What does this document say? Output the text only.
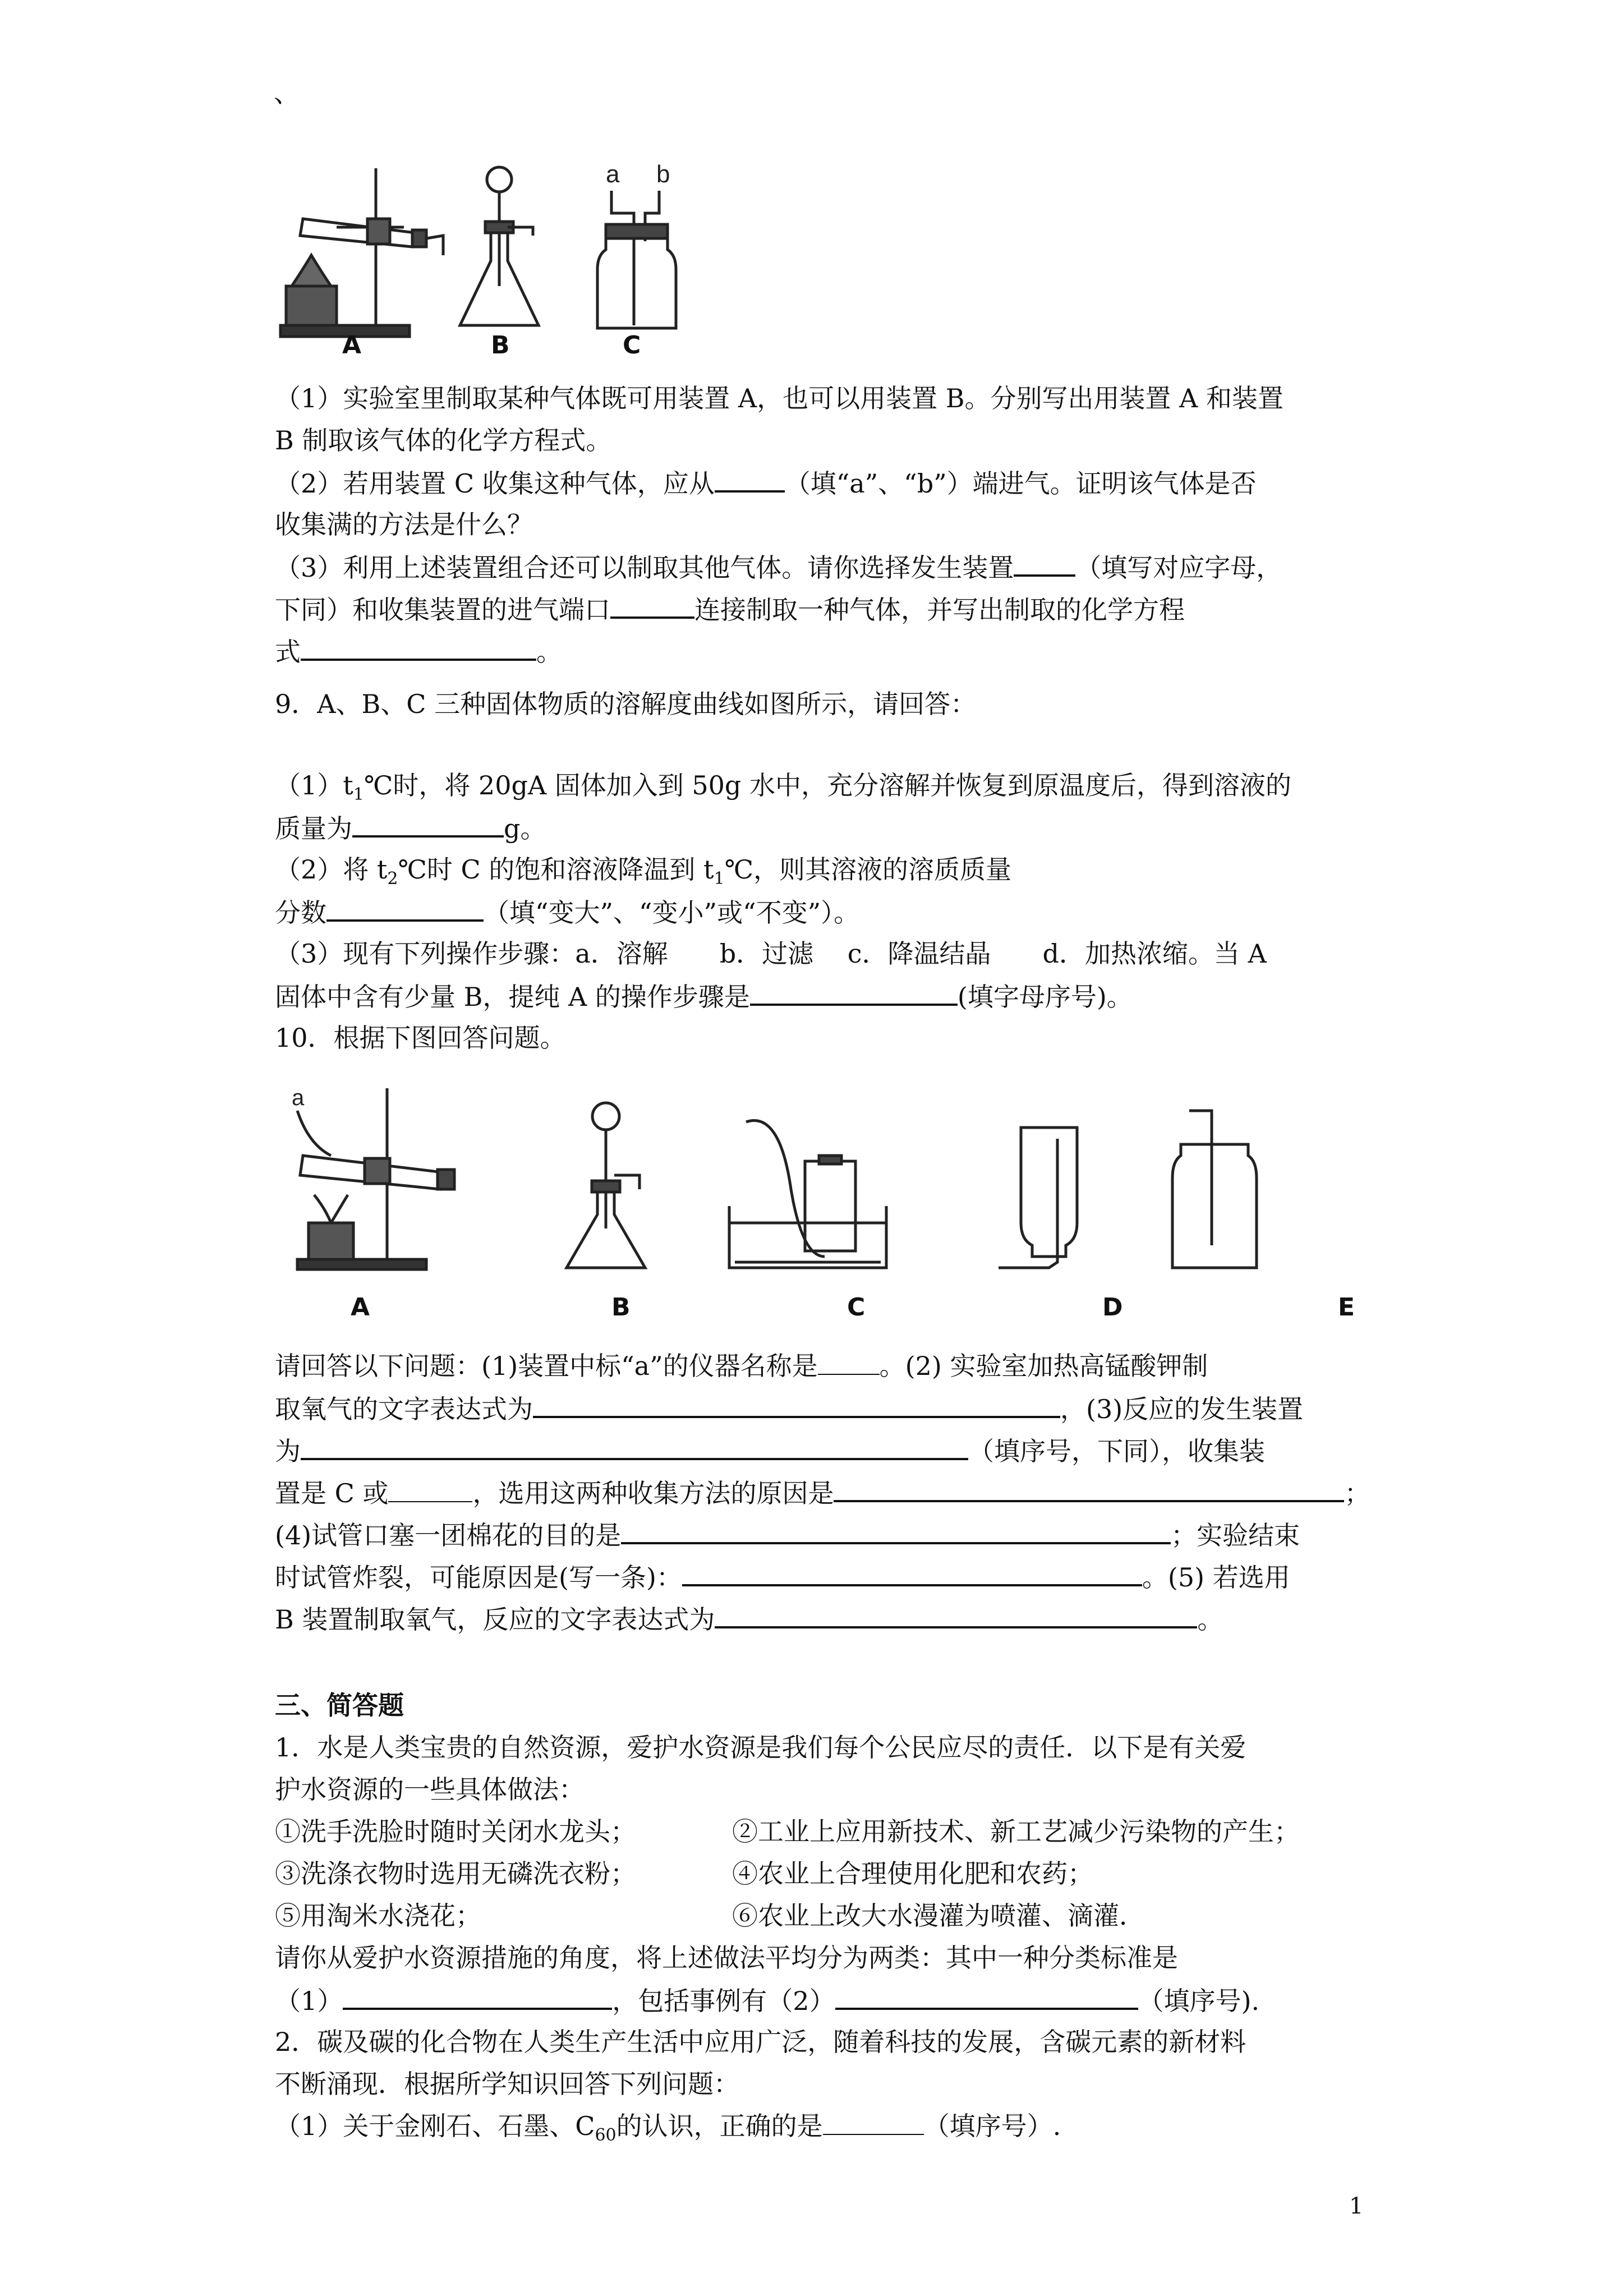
、
a b
A	B	C
（1）实验室里制取某种气体既可用装置 A，也可以用装置 B。分别写出用装置 A 和装置
B 制取该气体的化学方程式。
（2）若用装置 C 收集这种气体，应从	（填“a”、“b”）端进气。证明该气体是否
收集满的方法是什么？
（3）利用上述装置组合还可以制取其他气体。请你选择发生装置 （填写对应字母，
下同）和收集装置的进气端口	连接制取一种气体，并写出制取的化学方程
式	。
9．A、B、C 三种固体物质的溶解度曲线如图所示，请回答：
$(1)t_1℃$时，将 20gA 固体加入到 50g 水中，充分溶解并恢复到原温度后，得到溶液的
质量为	g。
（2）将 $t_2℃$时 C 的饱和溶液降温到 $t_1℃$，则其溶液的溶质质量
分数	（填“变大”、“变小”或“不变”）。
（3）现有下列操作步骤：a．溶解　　b．过滤　 c．降温结晶　　d．加热浓缩。当 A
固体中含有少量 B，提纯 A 的操作步骤是	(填字母序号)。
10．根据下图回答问题。
a
A	B	C	D	E
请回答以下问题：(1)装置中标“a”的仪器名称是 。(2) 实验室加热高锰酸钾制
取氧气的文字表达式为	，(3)反应的发生装置
为	（填序号，下同），收集装
置是 C 或	，选用这两种收集方法的原因是	；
(4)试管口塞一团棉花的目的是	；实验结束
时试管炸裂，可能原因是(写一条)：	。(5) 若选用
B 装置制取氧气，反应的文字表达式为	。
三、简答题
1．水是人类宝贵的自然资源，爱护水资源是我们每个公民应尽的责任．以下是有关爱
护水资源的一些具体做法：
①洗手洗脸时随时关闭水龙头；	②工业上应用新技术、新工艺减少污染物的产生；
③洗涤衣物时选用无磷洗衣粉；	④农业上合理使用化肥和农药；
⑤用淘米水浇花；	⑥农业上改大水漫灌为喷灌、滴灌．
请你从爱护水资源措施的角度，将上述做法平均分为两类：其中一种分类标准是
（1）	，包括事例有（2）	（填序号).
2．碳及碳的化合物在人类生产生活中应用广泛，随着科技的发展，含碳元素的新材料
不断涌现．根据所学知识回答下列问题：
（1）关于金刚石、石墨、$C_{60}$的认识，正确的是	（填序号）.
1
